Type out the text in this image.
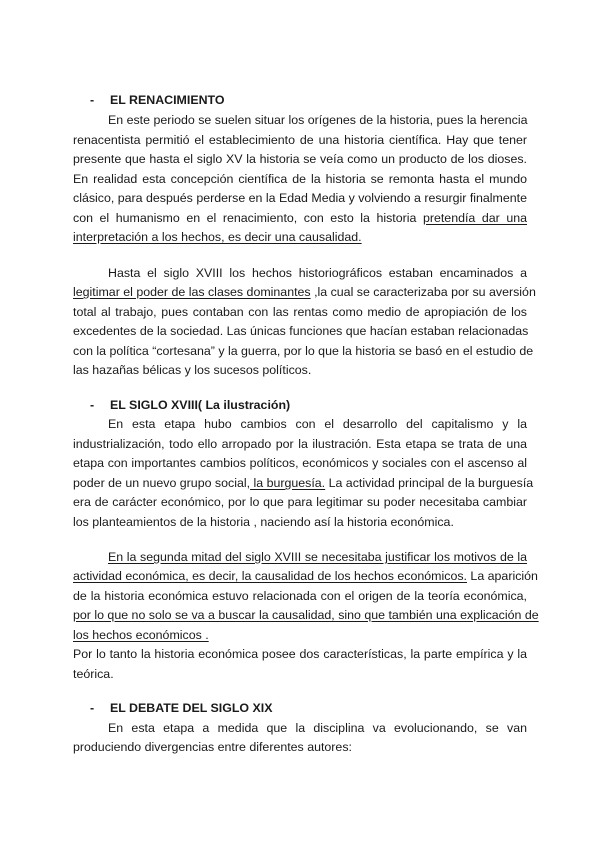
- EL RENACIMIENTO
En este periodo se suelen situar los orígenes de la historia, pues la herencia
renacentista permitió el establecimiento de una historia científica. Hay que tener
presente que hasta el siglo XV la historia se veía como un producto de los dioses.
En realidad esta concepción científica de la historia se remonta hasta el mundo
clásico, para después perderse en la Edad Media y volviendo a resurgir finalmente
con el humanismo en el renacimiento, con esto la historia pretendía dar una
interpretación a los hechos, es decir una causalidad.
Hasta el siglo XVIII los hechos historiográficos estaban encaminados a
legitimar el poder de las clases dominantes ,la cual se caracterizaba por su aversión
total al trabajo, pues contaban con las rentas como medio de apropiación de los
excedentes de la sociedad. Las únicas funciones que hacían estaban relacionadas
con la política “cortesana” y la guerra, por lo que la historia se basó en el estudio de
las hazañas bélicas y los sucesos políticos.
- EL SIGLO XVIII( La ilustración)
En esta etapa hubo cambios con el desarrollo del capitalismo y la
industrialización, todo ello arropado por la ilustración. Esta etapa se trata de una
etapa con importantes cambios políticos, económicos y sociales con el ascenso al
poder de un nuevo grupo social, la burguesía. La actividad principal de la burguesía
era de carácter económico, por lo que para legitimar su poder necesitaba cambiar
los planteamientos de la historia , naciendo así la historia económica.
En la segunda mitad del siglo XVIII se necesitaba justificar los motivos de la
actividad económica, es decir, la causalidad de los hechos económicos. La aparición
de la historia económica estuvo relacionada con el origen de la teoría económica,
por lo que no solo se va a buscar la causalidad, sino que también una explicación de
los hechos económicos .
Por lo tanto la historia económica posee dos características, la parte empírica y la
teórica.
- EL DEBATE DEL SIGLO XIX
En esta etapa a medida que la disciplina va evolucionando, se van
produciendo divergencias entre diferentes autores:
